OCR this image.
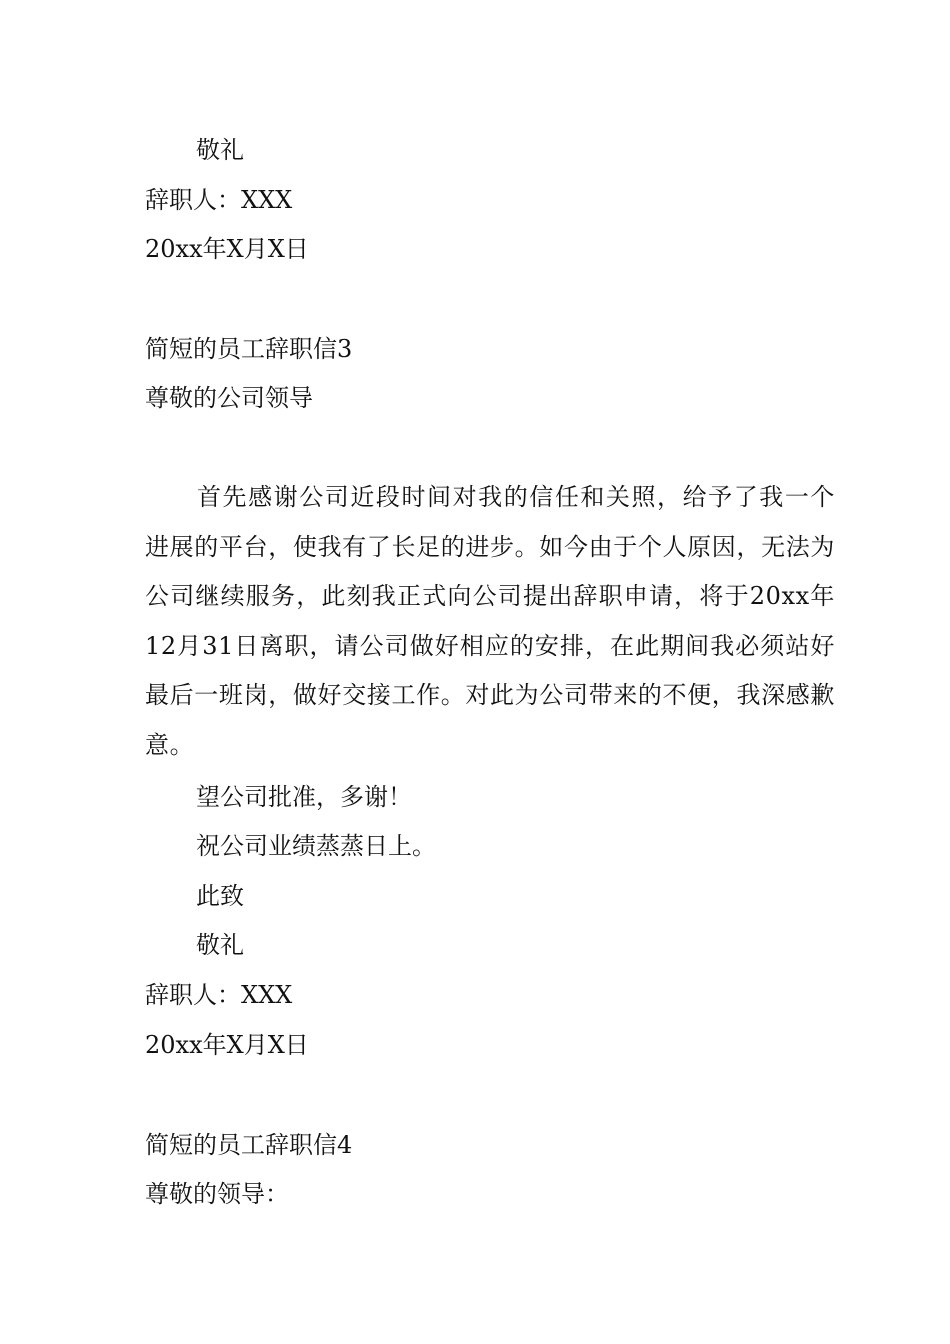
敬礼
辞职人：XXX
20xx年X月X日
简短的员工辞职信3
尊敬的公司领导
首先感谢公司近段时间对我的信任和关照，给予了我一个进展的平台，使我有了长足的进步。如今由于个人原因，无法为公司继续服务，此刻我正式向公司提出辞职申请，将于20xx年12月31日离职，请公司做好相应的安排，在此期间我必须站好最后一班岗，做好交接工作。对此为公司带来的不便，我深感歉意。
望公司批准，多谢！
祝公司业绩蒸蒸日上。
此致
敬礼
辞职人：XXX
20xx年X月X日
简短的员工辞职信4
尊敬的领导：
